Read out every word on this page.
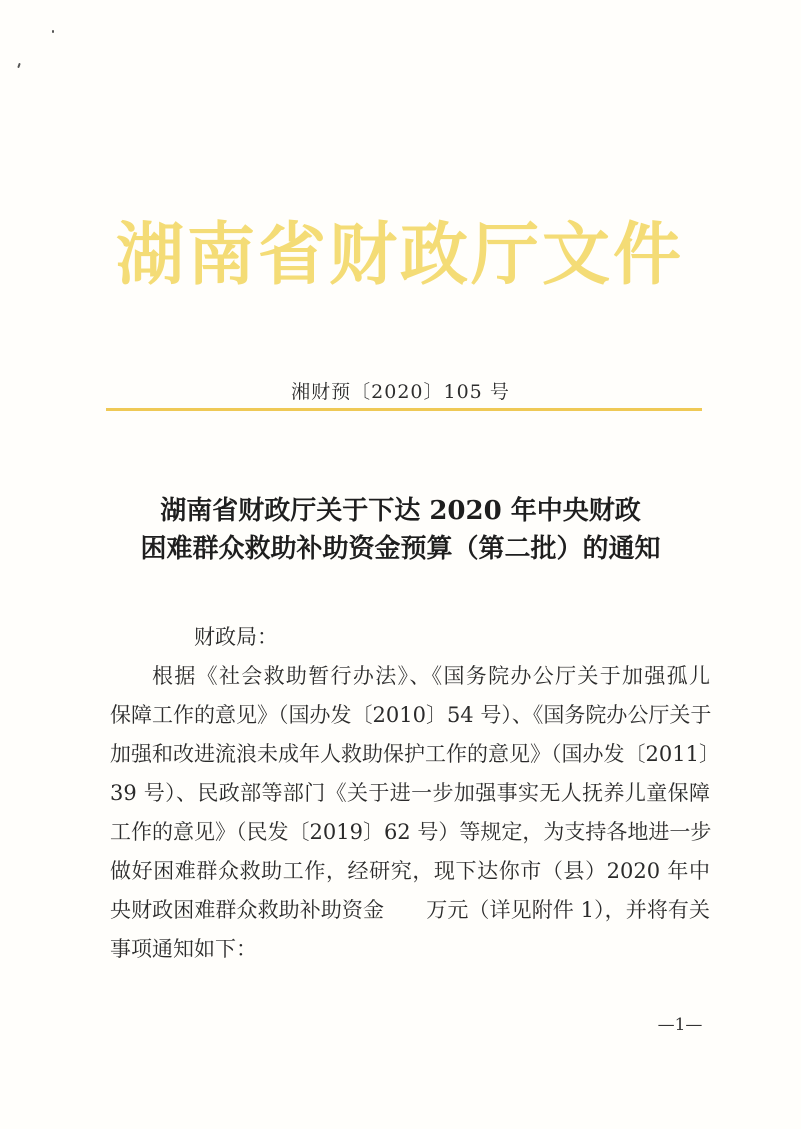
湖南省财政厅文件
湘财预〔2020〕105 号
湖南省财政厅关于下达 2020 年中央财政
困难群众救助补助资金预算（第二批）的通知
财政局：
根据《社会救助暂行办法》、《国务院办公厅关于加强孤儿
保障工作的意见》（国办发〔2010〕54 号）、《国务院办公厅关于
加强和改进流浪未成年人救助保护工作的意见》（国办发〔2011〕
39 号）、民政部等部门《关于进一步加强事实无人抚养儿童保障
工作的意见》（民发〔2019〕62 号）等规定，为支持各地进一步
做好困难群众救助工作，经研究，现下达你市（县）2020 年中
央财政困难群众救助补助资金　　万元（详见附件 1），并将有关
事项通知如下：
—1—
